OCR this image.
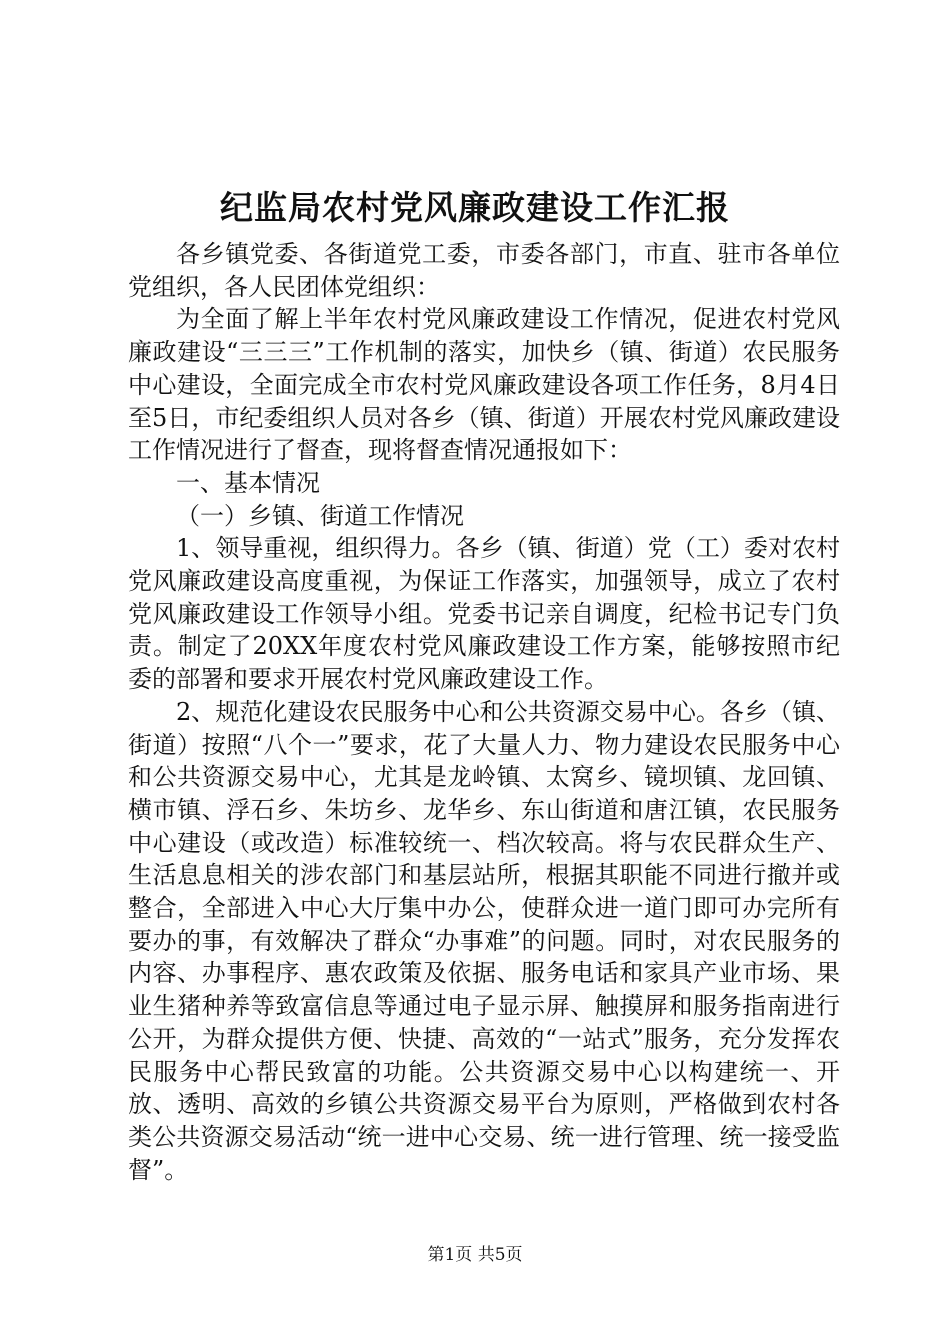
纪监局农村党风廉政建设工作汇报

各乡镇党委、各街道党工委，市委各部门，市直、驻市各单位党组织，各人民团体党组织：

为全面了解上半年农村党风廉政建设工作情况，促进农村党风廉政建设“三三三”工作机制的落实，加快乡（镇、街道）农民服务中心建设，全面完成全市农村党风廉政建设各项工作任务，8月4日至5日，市纪委组织人员对各乡（镇、街道）开展农村党风廉政建设工作情况进行了督查，现将督查情况通报如下：

一、基本情况

（一）乡镇、街道工作情况

1、领导重视，组织得力。各乡（镇、街道）党（工）委对农村党风廉政建设高度重视，为保证工作落实，加强领导，成立了农村党风廉政建设工作领导小组。党委书记亲自调度，纪检书记专门负责。制定了20XX年度农村党风廉政建设工作方案，能够按照市纪委的部署和要求开展农村党风廉政建设工作。

2、规范化建设农民服务中心和公共资源交易中心。各乡（镇、街道）按照“八个一”要求，花了大量人力、物力建设农民服务中心和公共资源交易中心，尤其是龙岭镇、太窝乡、镜坝镇、龙回镇、横市镇、浮石乡、朱坊乡、龙华乡、东山街道和唐江镇，农民服务中心建设（或改造）标准较统一、档次较高。将与农民群众生产、生活息息相关的涉农部门和基层站所，根据其职能不同进行撤并或整合，全部进入中心大厅集中办公，使群众进一道门即可办完所有要办的事，有效解决了群众“办事难”的问题。同时，对农民服务的内容、办事程序、惠农政策及依据、服务电话和家具产业市场、果业生猪种养等致富信息等通过电子显示屏、触摸屏和服务指南进行公开，为群众提供方便、快捷、高效的“一站式”服务，充分发挥农民服务中心帮民致富的功能。公共资源交易中心以构建统一、开放、透明、高效的乡镇公共资源交易平台为原则，严格做到农村各类公共资源交易活动“统一进中心交易、统一进行管理、统一接受监督”。

第1页 共5页
